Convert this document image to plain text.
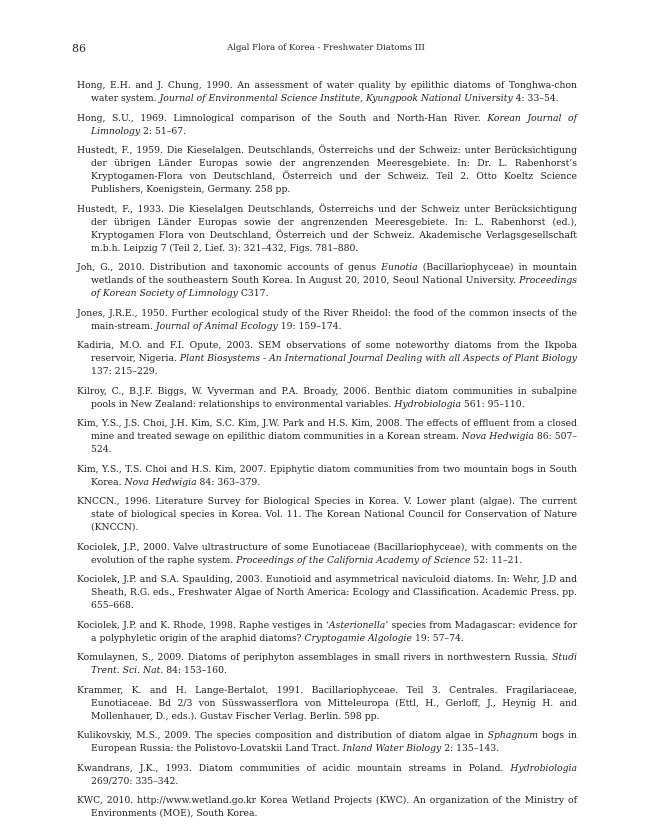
86	Algal Flora of Korea - Freshwater Diatoms III

Hong, E.H. and J. Chung, 1990. An assessment of water quality by epilithic diatoms of Tonghwa-chon water system. Journal of Environmental Science Institute, Kyungpook National University 4: 33–54.

Hong, S.U., 1969. Limnological comparison of the South and North-Han River. Korean Journal of Limnology 2: 51–67.

Hustedt, F., 1959. Die Kieselalgen. Deutschlands, Österreichs und der Schweiz: unter Berücksichtigung der übrigen Länder Europas sowie der angrenzenden Meeresgebiete. In: Dr. L. Rabenhorst’s Kryptogamen-Flora von Deutschland, Österreich und der Schweiz. Teil 2. Otto Koeltz Science Publishers, Koenigstein, Germany. 258 pp.

Hustedt, F., 1933. Die Kieselalgen Deutschlands, Österreichs und der Schweiz unter Berücksichtigung der übrigen Länder Europas sowie der angrenzenden Meeresgebiete. In: L. Rabenhorst (ed.), Kryptogamen Flora von Deutschland, Österreich und der Schweiz. Akademische Verlagsgesellschaft m.b.h. Leipzig 7 (Teil 2, Lief. 3): 321–432, Figs. 781–880.

Joh, G., 2010. Distribution and taxonomic accounts of genus Eunotia (Bacillariophyceae) in mountain wetlands of the southeastern South Korea. In August 20, 2010, Seoul National University. Proceedings of Korean Society of Limnology C317.

Jones, J.R.E., 1950. Further ecological study of the River Rheidol: the food of the common insects of the main-stream. Journal of Animal Ecology 19: 159–174.

Kadiria, M.O. and F.I. Opute, 2003. SEM observations of some noteworthy diatoms from the Ikpoba reservoir, Nigeria. Plant Biosystems - An International Journal Dealing with all Aspects of Plant Biology 137: 215–229.

Kilroy, C., B.J.F. Biggs, W. Vyverman and P.A. Broady, 2006. Benthic diatom communities in subalpine pools in New Zealand: relationships to environmental variables. Hydrobiologia 561: 95–110.

Kim, Y.S., J.S. Choi, J.H. Kim, S.C. Kim, J.W. Park and H.S. Kim, 2008. The effects of effluent from a closed mine and treated sewage on epilithic diatom communities in a Korean stream. Nova Hedwigia 86: 507–524.

Kim, Y.S., T.S. Choi and H.S. Kim, 2007. Epiphytic diatom communities from two mountain bogs in South Korea. Nova Hedwigia 84: 363–379.

KNCCN., 1996. Literature Survey for Biological Species in Korea. V. Lower plant (algae). The current state of biological species in Korea. Vol. 11. The Korean National Council for Conservation of Nature (KNCCN).

Kociolek, J.P., 2000. Valve ultrastructure of some Eunotiaceae (Bacillariophyceae), with comments on the evolution of the raphe system. Proceedings of the California Academy of Science 52: 11–21.

Kociolek, J.P. and S.A. Spaulding, 2003. Eunotioid and asymmetrical naviculoid diatoms. In: Wehr, J.D and Sheath, R.G. eds., Freshwater Algae of North America: Ecology and Classification. Academic Press. pp. 655–668.

Kociolek, J.P. and K. Rhode, 1998. Raphe vestiges in ‘Asterionella’ species from Madagascar: evidence for a polyphyletic origin of the araphid diatoms? Cryptogamie Algologie 19: 57–74.

Komulaynen, S., 2009. Diatoms of periphyton assemblages in small rivers in northwestern Russia. Studi Trent. Sci. Nat. 84: 153–160.

Krammer, K. and H. Lange-Bertalot, 1991. Bacillariophyceae. Teil 3. Centrales. Fragilariaceae, Eunotiaceae. Bd 2/3 von Süsswasserflora von Mitteleuropa (Ettl, H., Gerloff, J., Heynig H. and Mollenhauer, D., eds.). Gustav Fischer Verlag. Berlin. 598 pp.

Kulikovskiy, M.S., 2009. The species composition and distribution of diatom algae in Sphagnum bogs in European Russia: the Polistovo-Lovatskii Land Tract. Inland Water Biology 2: 135–143.

Kwandrans, J.K., 1993. Diatom communities of acidic mountain streams in Poland. Hydrobiologia 269/270: 335–342.

KWC, 2010. http://www.wetland.go.kr Korea Wetland Projects (KWC). An organization of the Ministry of Environments (MOE), South Korea.
